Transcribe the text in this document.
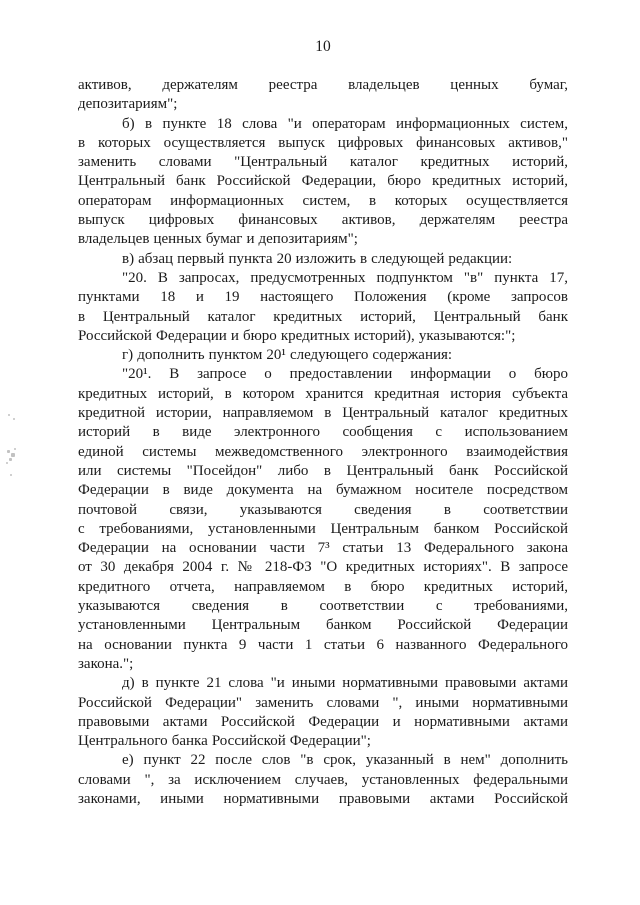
10
активов, держателям реестра владельцев ценных бумаг,
депозитариям";
б) в пункте 18 слова "и операторам информационных систем,
в которых осуществляется выпуск цифровых финансовых активов,"
заменить словами "Центральный каталог кредитных историй,
Центральный банк Российской Федерации, бюро кредитных историй,
операторам информационных систем, в которых осуществляется
выпуск цифровых финансовых активов, держателям реестра
владельцев ценных бумаг и депозитариям";
в) абзац первый пункта 20 изложить в следующей редакции:
"20. В запросах, предусмотренных подпунктом "в" пункта 17,
пунктами 18 и 19 настоящего Положения (кроме запросов
в Центральный каталог кредитных историй, Центральный банк
Российской Федерации и бюро кредитных историй), указываются:";
г) дополнить пунктом 20¹ следующего содержания:
"20¹. В запросе о предоставлении информации о бюро
кредитных историй, в котором хранится кредитная история субъекта
кредитной истории, направляемом в Центральный каталог кредитных
историй в виде электронного сообщения с использованием
единой системы межведомственного электронного взаимодействия
или системы "Посейдон" либо в Центральный банк Российской
Федерации в виде документа на бумажном носителе посредством
почтовой связи, указываются сведения в соответствии
с требованиями, установленными Центральным банком Российской
Федерации на основании части 7³ статьи 13 Федерального закона
от 30 декабря 2004 г. № 218-ФЗ "О кредитных историях". В запросе
кредитного отчета, направляемом в бюро кредитных историй,
указываются сведения в соответствии с требованиями,
установленными Центральным банком Российской Федерации
на основании пункта 9 части 1 статьи 6 названного Федерального
закона.";
д) в пункте 21 слова "и иными нормативными правовыми актами
Российской Федерации" заменить словами ", иными нормативными
правовыми актами Российской Федерации и нормативными актами
Центрального банка Российской Федерации";
е) пункт 22 после слов "в срок, указанный в нем" дополнить
словами ", за исключением случаев, установленных федеральными
законами, иными нормативными правовыми актами Российской
